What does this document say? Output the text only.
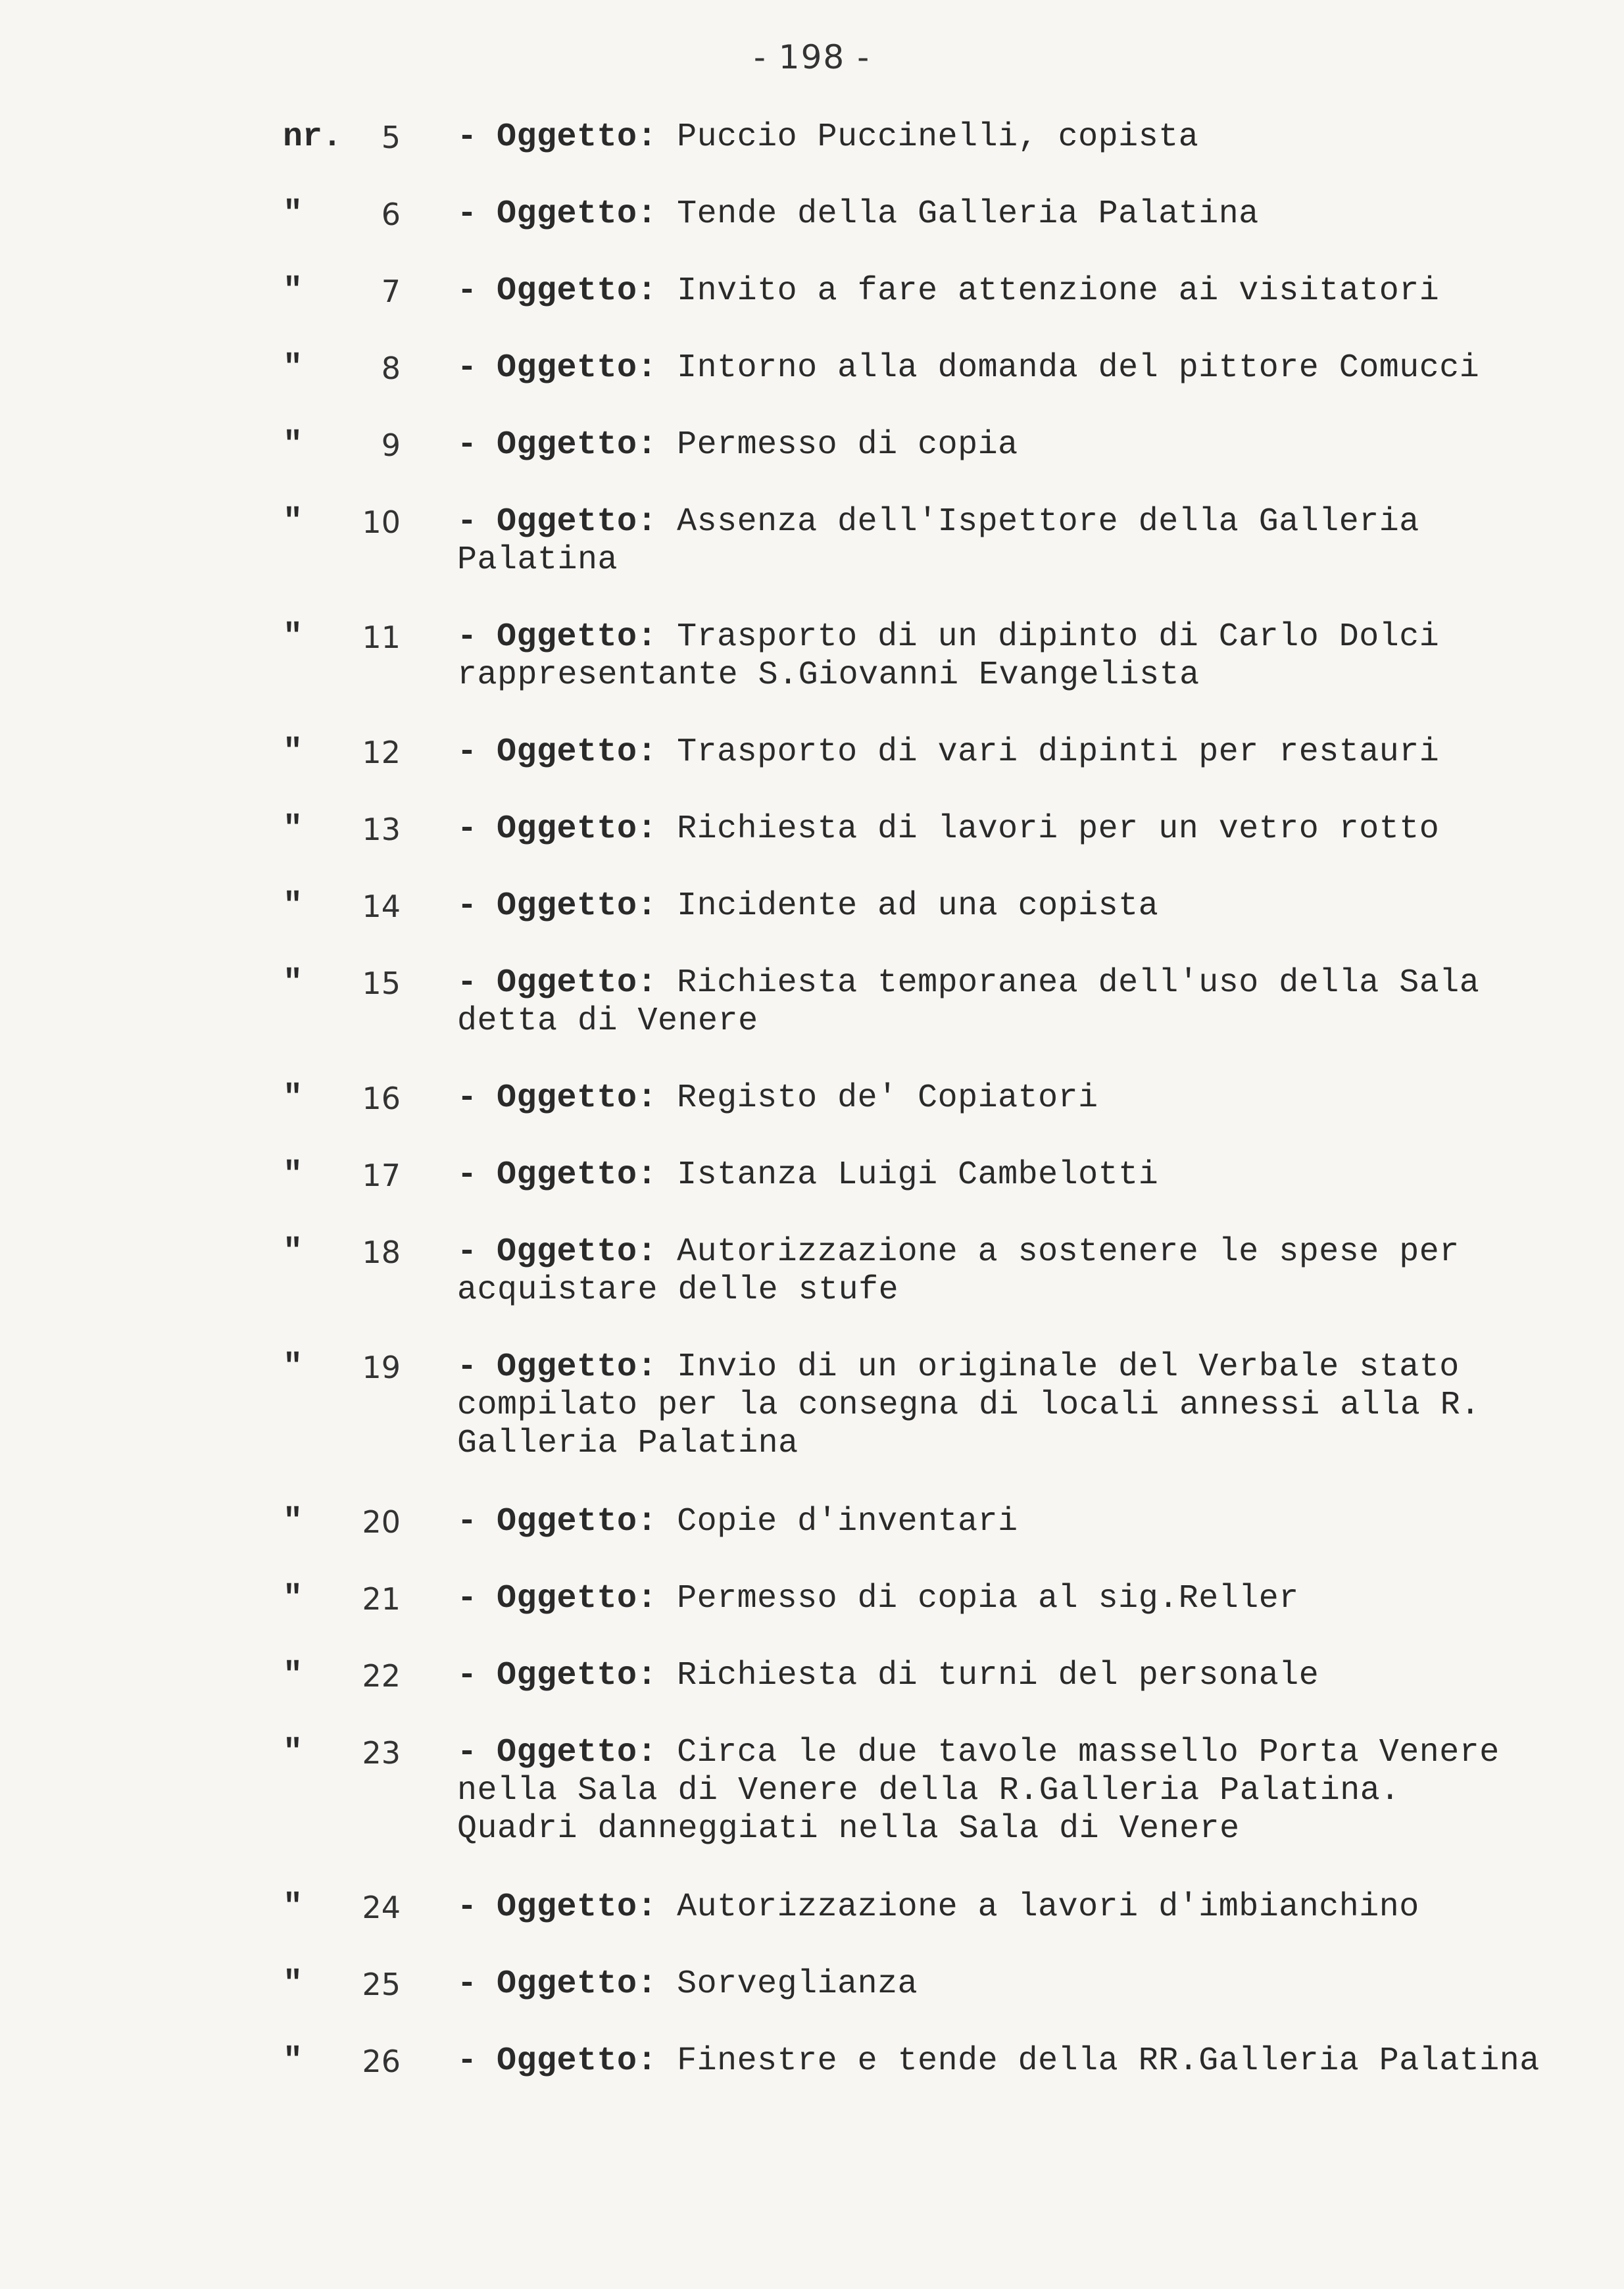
- 198 -
nr. 5 - Oggetto: Puccio Puccinelli, copista

"	6 - Oggetto: Tende della Galleria Palatina

"	7 - Oggetto: Invito a fare attenzione ai visitatori

"	8 - Oggetto: Intorno alla domanda del pittore Comucci

"	9 - Oggetto: Permesso di copia

" 10 - Oggetto: Assenza dell'Ispettore della Galleria
Palatina
" 11 - Oggetto: Trasporto di un dipinto di Carlo Dolci
rappresentante S.Giovanni Evangelista
" 12 - Oggetto: Trasporto di vari dipinti per restauri

" 13 - Oggetto: Richiesta di lavori per un vetro rotto

" 14 - Oggetto: Incidente ad una copista

" 15 - Oggetto: Richiesta temporanea dell'uso della Sala
detta di Venere
" 16 - Oggetto: Registo de' Copiatori

" 17 - Oggetto: Istanza Luigi Cambelotti

" 18 - Oggetto: Autorizzazione a sostenere le spese per
acquistare delle stufe
" 19 - Oggetto: Invio di un originale del Verbale stato
compilato per la consegna di locali annessi alla R.
Galleria Palatina
" 20 - Oggetto: Copie d'inventari

" 21 - Oggetto: Permesso di copia al sig.Reller

" 22 - Oggetto: Richiesta di turni del personale

" 23 - Oggetto: Circa le due tavole massello Porta Venere
nella Sala di Venere della R.Galleria Palatina.
Quadri danneggiati nella Sala di Venere
" 24 - Oggetto: Autorizzazione a lavori d'imbianchino

" 25 - Oggetto: Sorveglianza

" 26 - Oggetto: Finestre e tende della RR.Galleria Palatina
